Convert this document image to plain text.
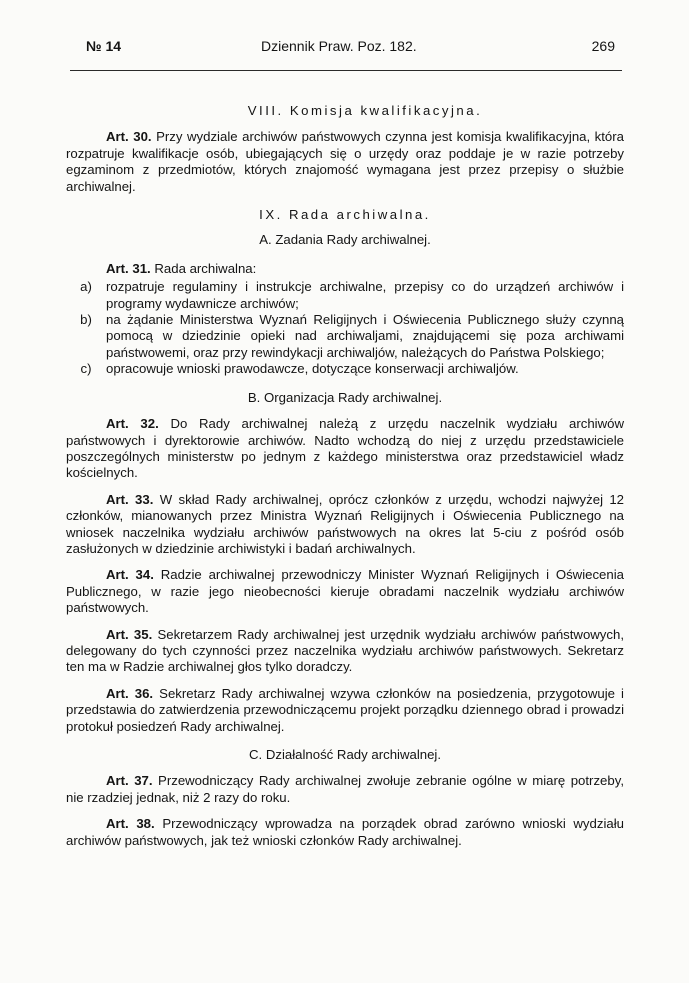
№ 14	Dziennik Praw. Poz. 182.	269

VIII. Komisja kwalifikacyjna.

Art. 30. Przy wydziale archiwów państwowych czynna jest komisja kwalifikacyjna, która rozpatruje kwalifikacje osób, ubiegających się o urzędy oraz poddaje je w razie potrzeby egzaminom z przedmiotów, których znajomość wymagana jest przez przepisy o służbie archiwalnej.

IX. Rada archiwalna.

A. Zadania Rady archiwalnej.

Art. 31. Rada archiwalna:

a)	rozpatruje regulaminy i instrukcje archiwalne, przepisy co do urządzeń archiwów i programy wydawnicze archiwów;
b)	na żądanie Ministerstwa Wyznań Religijnych i Oświecenia Publicznego służy czynną pomocą w dziedzinie opieki nad archiwaljami, znajdującemi się poza archiwami państwowemi, oraz przy rewindykacji archiwaljów, należących do Państwa Polskiego;
c)	opracowuje wnioski prawodawcze, dotyczące konserwacji archiwaljów.

B. Organizacja Rady archiwalnej.

Art. 32. Do Rady archiwalnej należą z urzędu naczelnik wydziału archiwów państwowych i dyrektorowie archiwów. Nadto wchodzą do niej z urzędu przedstawiciele poszczególnych ministerstw po jednym z każdego ministerstwa oraz przedstawiciel władz kościelnych.

Art. 33. W skład Rady archiwalnej, oprócz członków z urzędu, wchodzi najwyżej 12 członków, mianowanych przez Ministra Wyznań Religijnych i Oświecenia Publicznego na wniosek naczelnika wydziału archiwów państwowych na okres lat 5-ciu z pośród osób zasłużonych w dziedzinie archiwistyki i badań archiwalnych.

Art. 34. Radzie archiwalnej przewodniczy Minister Wyznań Religijnych i Oświecenia Publicznego, w razie jego nieobecności kieruje obradami naczelnik wydziału archiwów państwowych.

Art. 35. Sekretarzem Rady archiwalnej jest urzędnik wydziału archiwów państwowych, delegowany do tych czynności przez naczelnika wydziału archiwów państwowych. Sekretarz ten ma w Radzie archiwalnej głos tylko doradczy.

Art. 36. Sekretarz Rady archiwalnej wzywa członków na posiedzenia, przygotowuje i przedstawia do zatwierdzenia przewodniczącemu projekt porządku dziennego obrad i prowadzi protokuł posiedzeń Rady archiwalnej.

C. Działalność Rady archiwalnej.

Art. 37. Przewodniczący Rady archiwalnej zwołuje zebranie ogólne w miarę potrzeby, nie rzadziej jednak, niż 2 razy do roku.

Art. 38. Przewodniczący wprowadza na porządek obrad zarówno wnioski wydziału archiwów państwowych, jak też wnioski członków Rady archiwalnej.
